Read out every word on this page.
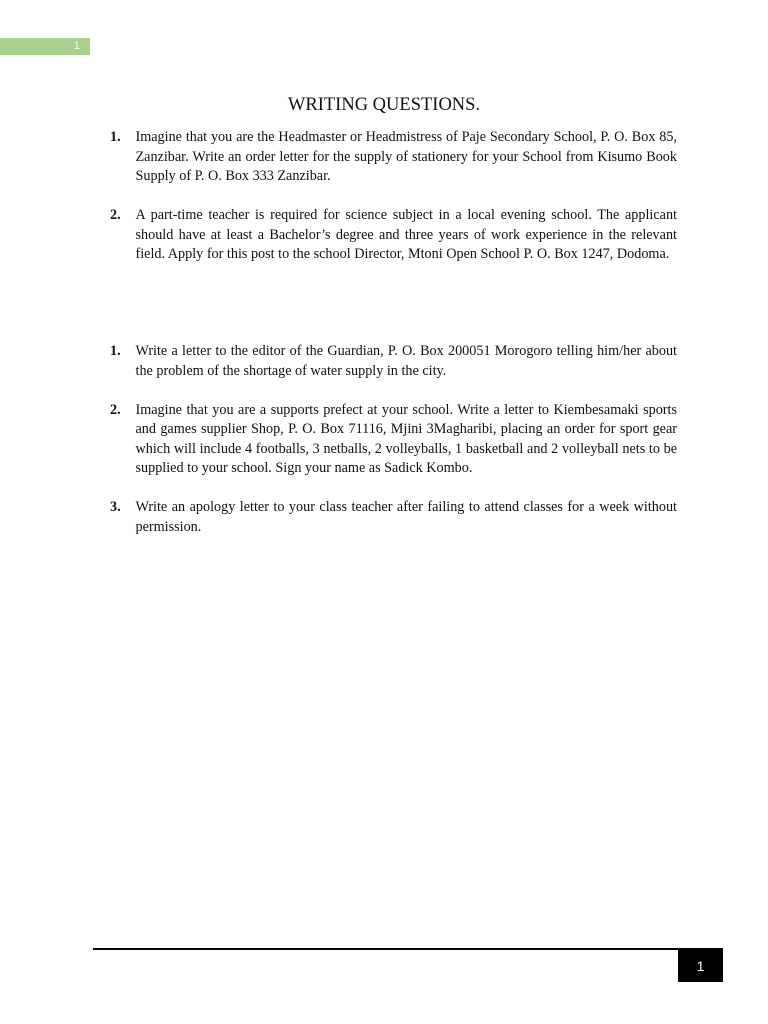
1
WRITING QUESTIONS.
1.	Imagine that you are the Headmaster or Headmistress of Paje Secondary School, P. O. Box 85, Zanzibar. Write an order letter for the supply of stationery for your School from Kisumo Book Supply of P. O. Box 333 Zanzibar.
2.	A part-time teacher is required for science subject in a local evening school. The applicant should have at least a Bachelor’s degree and three years of work experience in the relevant field. Apply for this post to the school Director, Mtoni Open School P. O. Box 1247, Dodoma.
1.	Write a letter to the editor of the Guardian, P. O. Box 200051 Morogoro telling him/her about the problem of the shortage of water supply in the city.
2.	Imagine that you are a supports prefect at your school. Write a letter to Kiembesamaki sports and games supplier Shop, P. O. Box 71116, Mjini 3Magharibi, placing an order for sport gear which will include 4 footballs, 3 netballs, 2 volleyballs, 1 basketball and 2 volleyball nets to be supplied to your school. Sign your name as Sadick Kombo.
3.	Write an apology letter to your class teacher after failing to attend classes for a week without permission.
1
